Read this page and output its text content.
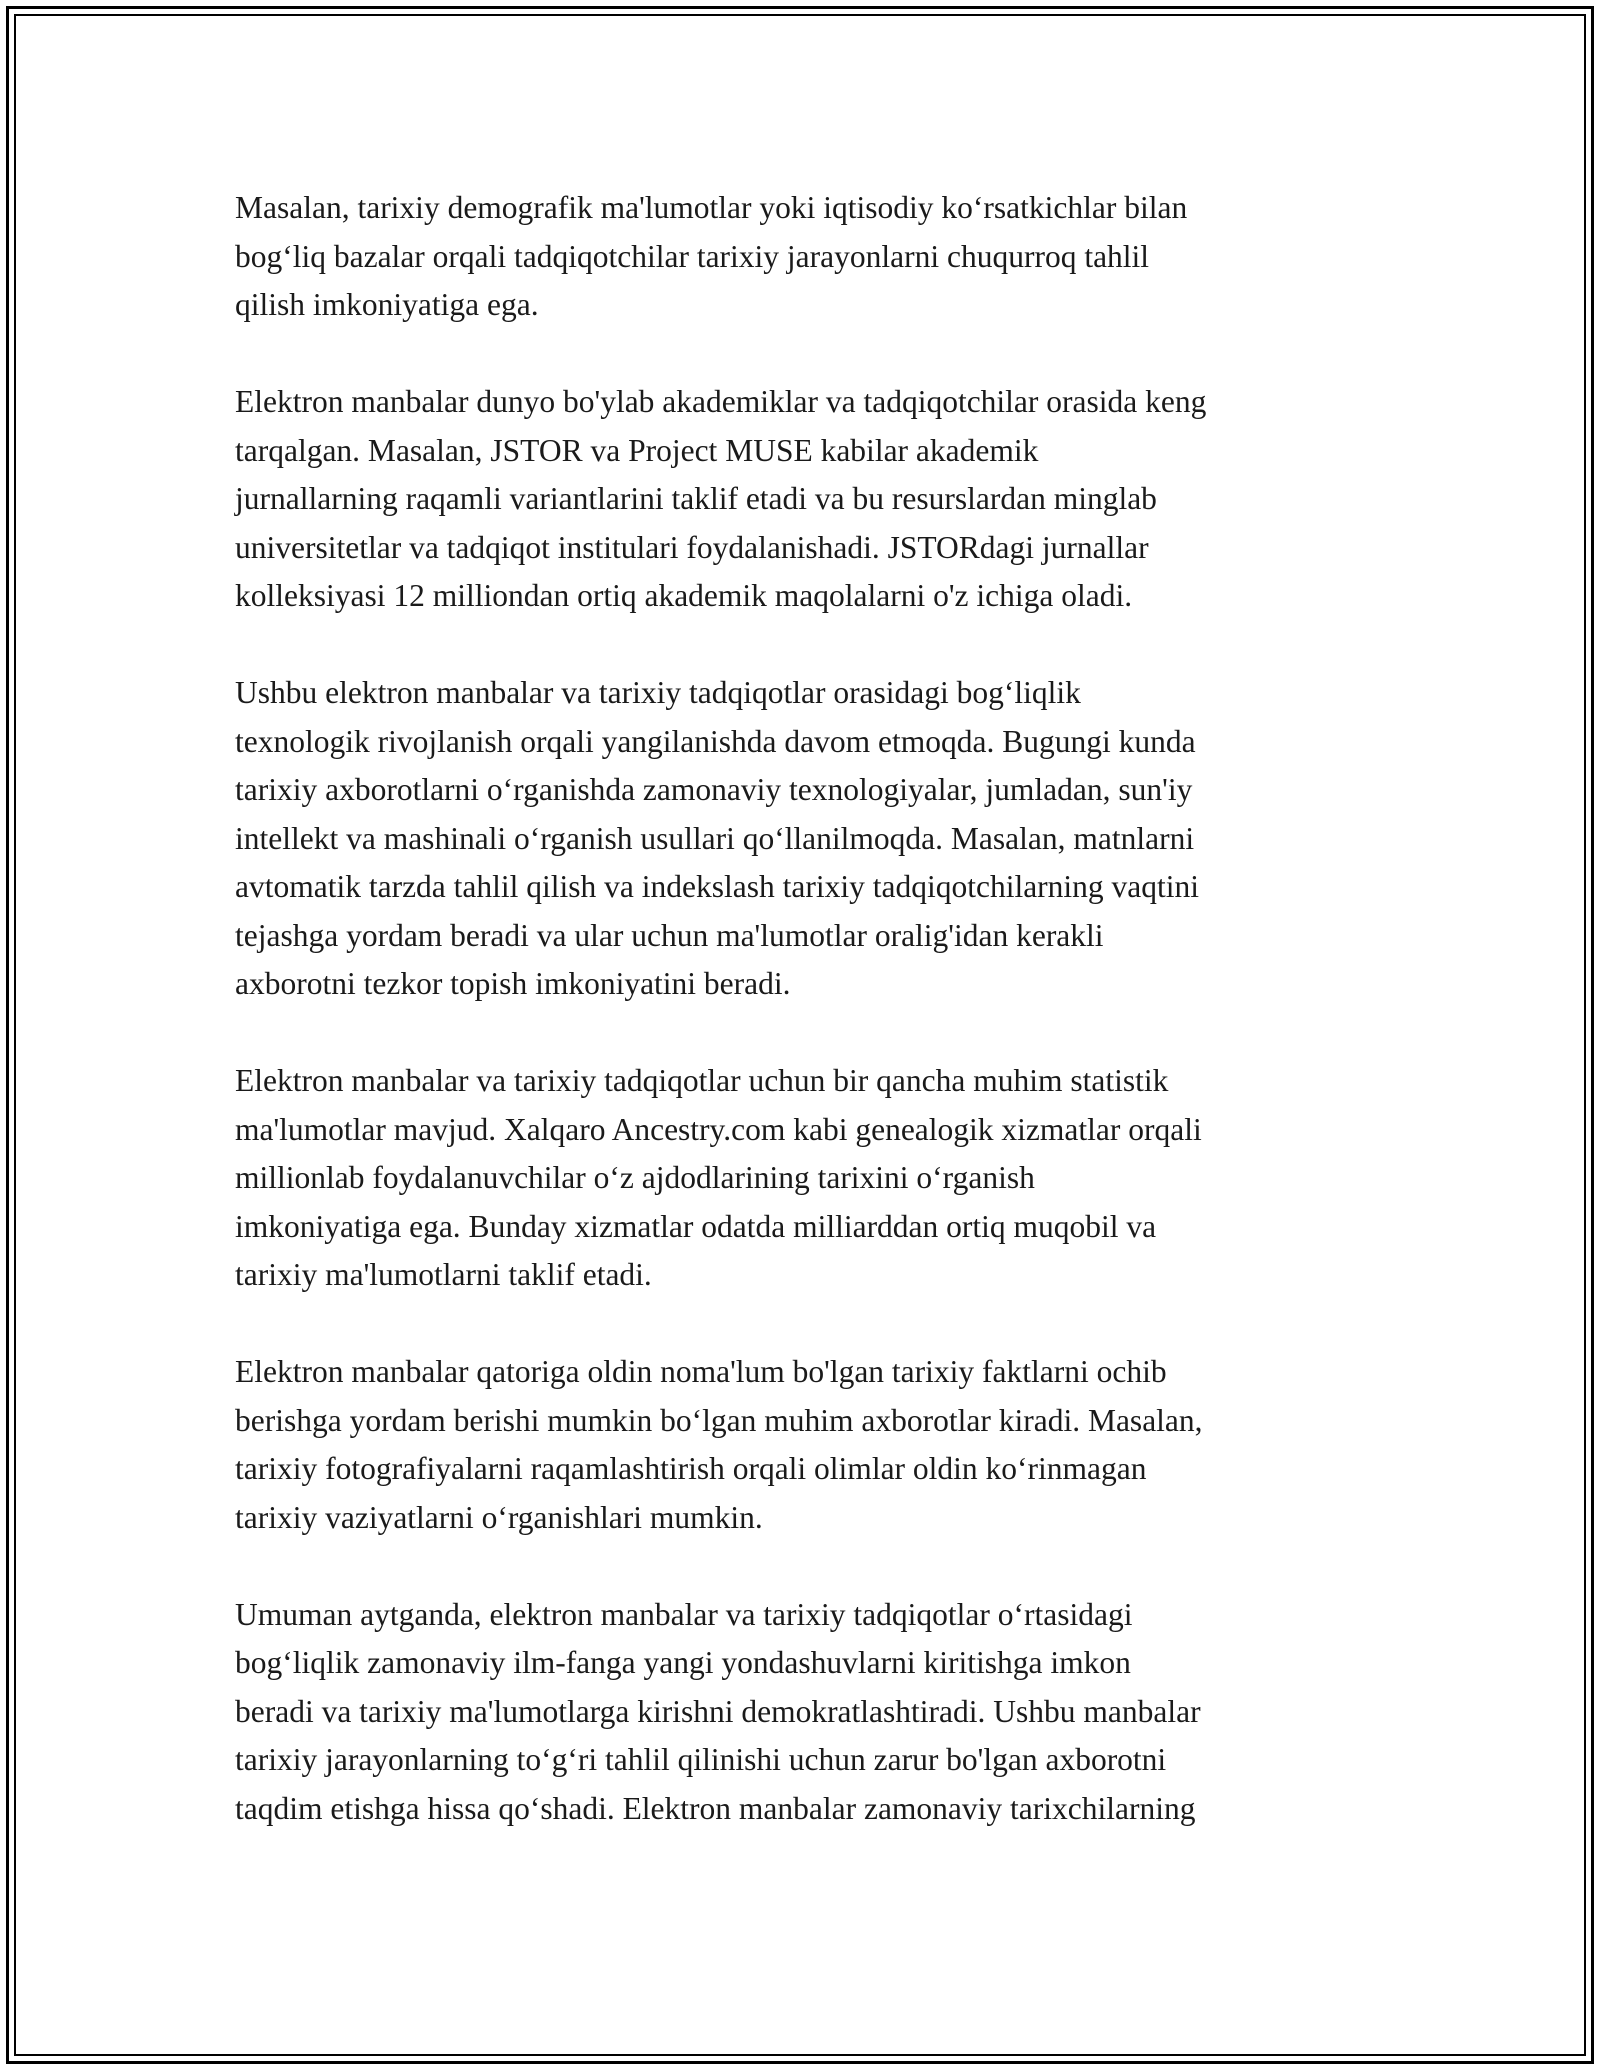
Masalan, tarixiy demografik ma'lumotlar yoki iqtisodiy ko‘rsatkichlar bilan
bog‘liq bazalar orqali tadqiqotchilar tarixiy jarayonlarni chuqurroq tahlil
qilish imkoniyatiga ega.

Elektron manbalar dunyo bo'ylab akademiklar va tadqiqotchilar orasida keng
tarqalgan. Masalan, JSTOR va Project MUSE kabilar akademik
jurnallarning raqamli variantlarini taklif etadi va bu resurslardan minglab
universitetlar va tadqiqot institulari foydalanishadi. JSTORdagi jurnallar
kolleksiyasi 12 milliondan ortiq akademik maqolalarni o'z ichiga oladi.

Ushbu elektron manbalar va tarixiy tadqiqotlar orasidagi bog‘liqlik
texnologik rivojlanish orqali yangilanishda davom etmoqda. Bugungi kunda
tarixiy axborotlarni o‘rganishda zamonaviy texnologiyalar, jumladan, sun'iy
intellekt va mashinali o‘rganish usullari qo‘llanilmoqda. Masalan, matnlarni
avtomatik tarzda tahlil qilish va indekslash tarixiy tadqiqotchilarning vaqtini
tejashga yordam beradi va ular uchun ma'lumotlar oralig'idan kerakli
axborotni tezkor topish imkoniyatini beradi.

Elektron manbalar va tarixiy tadqiqotlar uchun bir qancha muhim statistik
ma'lumotlar mavjud. Xalqaro Ancestry.com kabi genealogik xizmatlar orqali
millionlab foydalanuvchilar o‘z ajdodlarining tarixini o‘rganish
imkoniyatiga ega. Bunday xizmatlar odatda milliarddan ortiq muqobil va
tarixiy ma'lumotlarni taklif etadi.

Elektron manbalar qatoriga oldin noma'lum bo'lgan tarixiy faktlarni ochib
berishga yordam berishi mumkin bo‘lgan muhim axborotlar kiradi. Masalan,
tarixiy fotografiyalarni raqamlashtirish orqali olimlar oldin ko‘rinmagan
tarixiy vaziyatlarni o‘rganishlari mumkin.

Umuman aytganda, elektron manbalar va tarixiy tadqiqotlar o‘rtasidagi
bog‘liqlik zamonaviy ilm-fanga yangi yondashuvlarni kiritishga imkon
beradi va tarixiy ma'lumotlarga kirishni demokratlashtiradi. Ushbu manbalar
tarixiy jarayonlarning to‘g‘ri tahlil qilinishi uchun zarur bo'lgan axborotni
taqdim etishga hissa qo‘shadi. Elektron manbalar zamonaviy tarixchilarning
